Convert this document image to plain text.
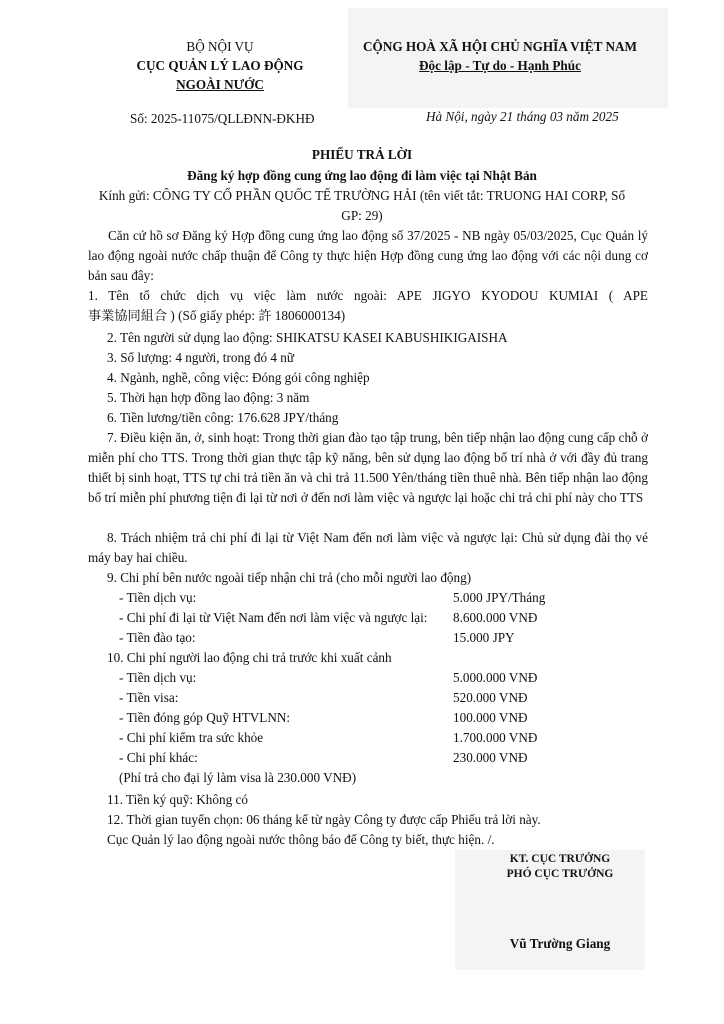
BỘ NỘI VỤ
CỤC QUẢN LÝ LAO ĐỘNG
NGOÀI NƯỚC
CỘNG HOÀ XÃ HỘI CHỦ NGHĨA VIỆT NAM
Độc lập - Tự do - Hạnh Phúc
Số: 2025-11075/QLLĐNN-ĐKHĐ	Hà Nội, ngày 21 tháng 03 năm 2025
PHIẾU TRẢ LỜI
Đăng ký hợp đồng cung ứng lao động đi làm việc tại Nhật Bản
Kính gửi: CÔNG TY CỔ PHẦN QUỐC TẾ TRƯỜNG HẢI (tên viết tắt: TRUONG HAI CORP, Số
GP: 29)
Căn cứ hồ sơ Đăng ký Hợp đồng cung ứng lao động số 37/2025 - NB ngày 05/03/2025, Cục Quản lý lao động ngoài nước chấp thuận để Công ty thực hiện Hợp đồng cung ứng lao động với các nội dung cơ bản sau đây:
1. Tên tổ chức dịch vụ việc làm nước ngoài: APE JIGYO KYODOU KUMIAI ( APE
事業協同組合 ) (Số giấy phép: 許 1806000134)
2. Tên người sử dụng lao động: SHIKATSU KASEI KABUSHIKIGAISHA
3. Số lượng: 4 người, trong đó 4 nữ
4. Ngành, nghề, công việc: Đóng gói công nghiệp
5. Thời hạn hợp đồng lao động: 3 năm
6. Tiền lương/tiền công: 176.628 JPY/tháng
7. Điều kiện ăn, ở, sinh hoạt: Trong thời gian đào tạo tập trung, bên tiếp nhận lao động cung cấp chỗ ở miễn phí cho TTS. Trong thời gian thực tập kỹ năng, bên sử dụng lao động bố trí nhà ở với đầy đủ trang thiết bị sinh hoạt, TTS tự chi trả tiền ăn và chi trả 11.500 Yên/tháng tiền thuê nhà. Bên tiếp nhận lao động bố trí miễn phí phương tiện đi lại từ nơi ở đến nơi làm việc và ngược lại hoặc chi trả chi phí này cho TTS
8. Trách nhiệm trả chi phí đi lại từ Việt Nam đến nơi làm việc và ngược lại: Chủ sử dụng đài thọ vé máy bay hai chiều.
9. Chi phí bên nước ngoài tiếp nhận chi trả (cho mỗi người lao động)
- Tiền dịch vụ:	5.000 JPY/Tháng
- Chi phí đi lại từ Việt Nam đến nơi làm việc và ngược lại: 8.600.000 VNĐ
- Tiền đào tạo:	15.000 JPY
10. Chi phí người lao động chi trả trước khi xuất cảnh
- Tiền dịch vụ:	5.000.000 VNĐ
- Tiền visa:	520.000 VNĐ
- Tiền đóng góp Quỹ HTVLNN:	100.000 VNĐ
- Chi phí kiểm tra sức khỏe	1.700.000 VNĐ
- Chi phí khác:	230.000 VNĐ
(Phí trả cho đại lý làm visa là 230.000 VNĐ)
11. Tiền ký quỹ: Không có
12. Thời gian tuyển chọn: 06 tháng kể từ ngày Công ty được cấp Phiếu trả lời này.
Cục Quản lý lao động ngoài nước thông báo để Công ty biết, thực hiện. /.
KT. CỤC TRƯỞNG
PHÓ CỤC TRƯỞNG
Vũ Trường Giang
